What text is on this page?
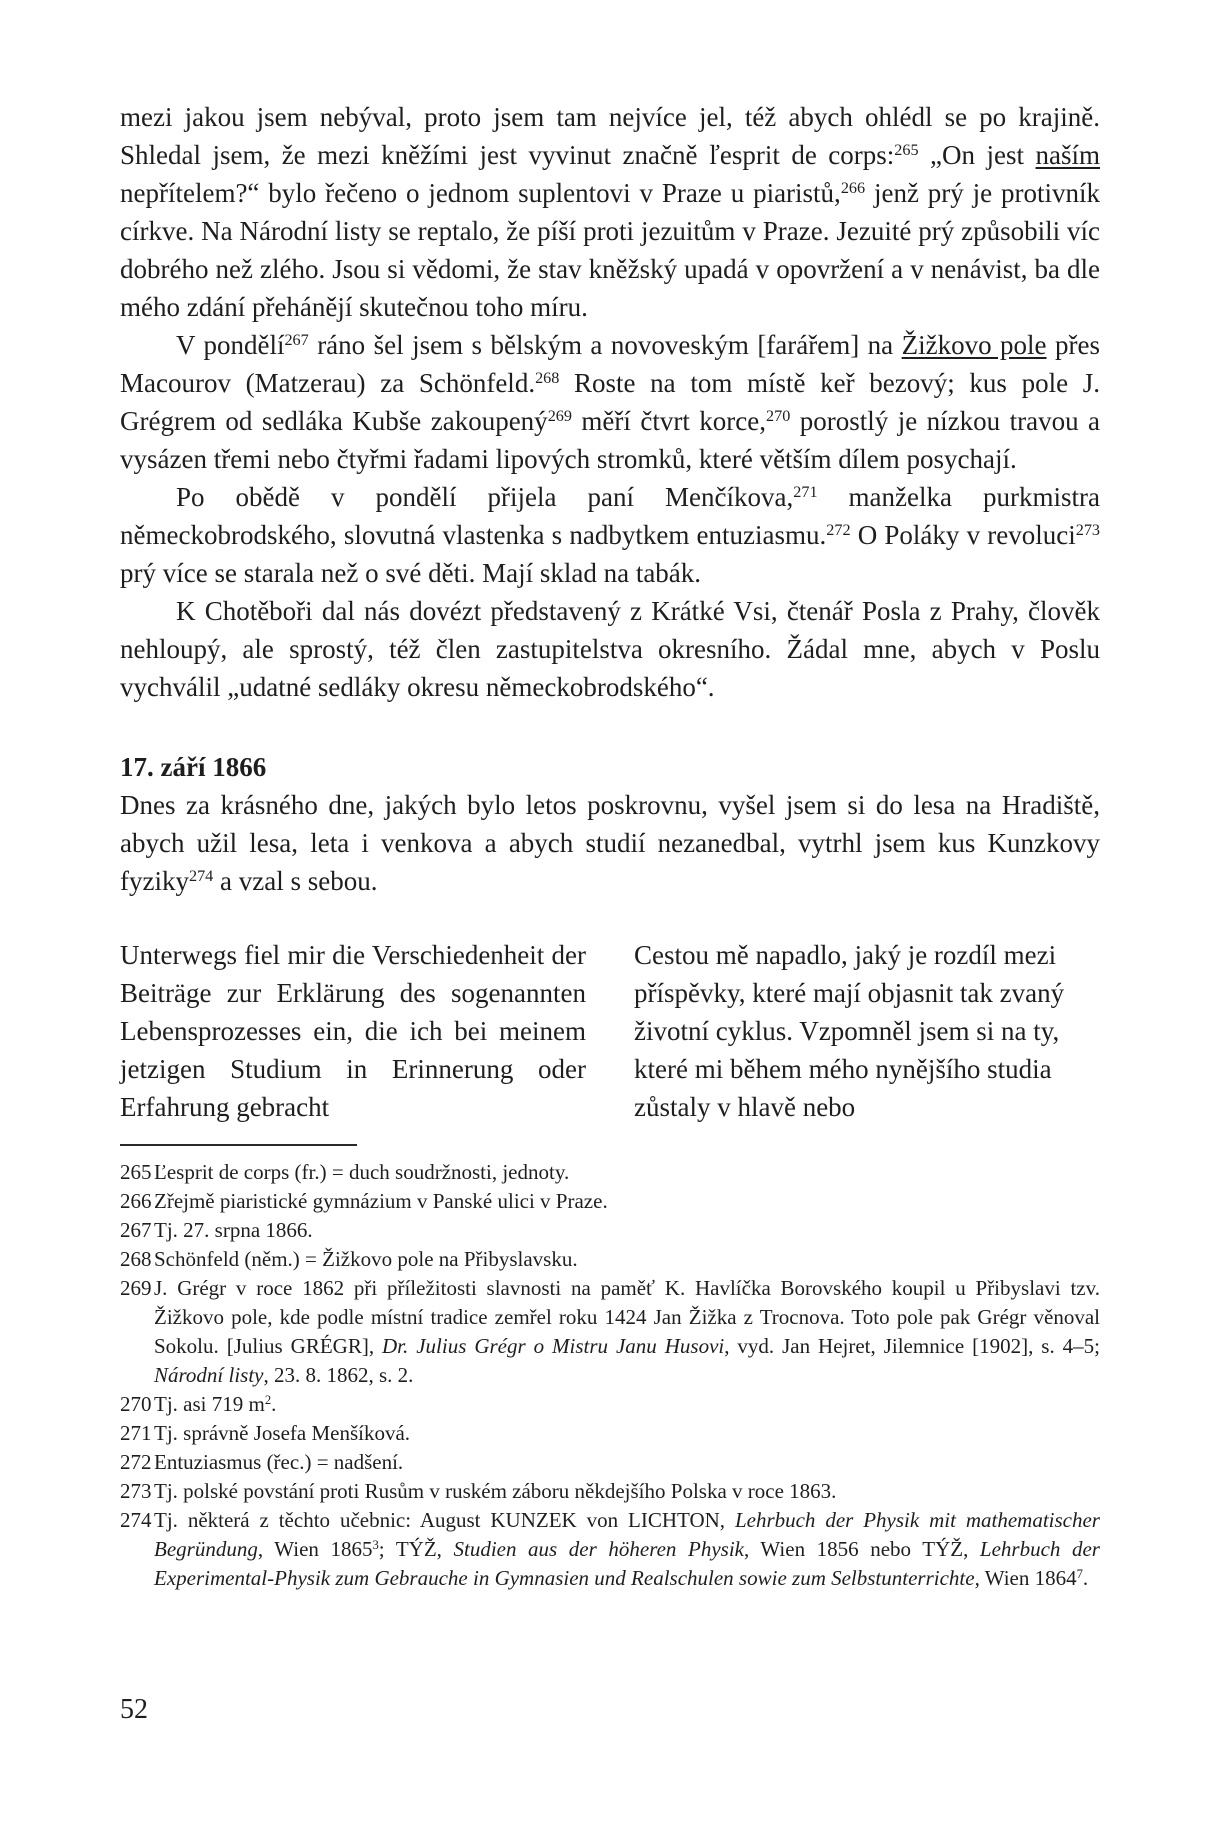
mezi jakou jsem nebýval, proto jsem tam nejvíce jel, též abych ohlédl se po krajině. Shledal jsem, že mezi kněžími jest vyvinut značně ľesprit de corps:$^{265}$ „On jest naším nepřítelem?“ bylo řečeno o jednom suplentovi v Praze u piaristů,$^{266}$ jenž prý je protivník církve. Na Národní listy se reptalo, že píší proti jezuitům v Praze. Jezuité prý způsobili víc dobrého než zlého. Jsou si vědomi, že stav kněžský upadá v opovržení a v nenávist, ba dle mého zdání přehánějí skutečnou toho míru.

V pondělí$^{267}$ ráno šel jsem s bělským a novoveským [farářem] na Žižkovo pole přes Macourov (Matzerau) za Schönfeld.$^{268}$ Roste na tom místě keř bezový; kus pole J. Grégrem od sedláka Kubše zakoupený$^{269}$ měří čtvrt korce,$^{270}$ porostlý je nízkou travou a vysázen třemi nebo čtyřmi řadami lipových stromků, které větším dílem posychají.

Po obědě v pondělí přijela paní Menčíkova,$^{271}$ manželka purkmistra německobrodského, slovutná vlastenka s nadbytkem entuziasmu.$^{272}$ O Poláky v revoluci$^{273}$ prý více se starala než o své děti. Mají sklad na tabák.

K Chotěboři dal nás dovézt představený z Krátké Vsi, čtenář Posla z Prahy, člověk nehloupý, ale sprostý, též člen zastupitelstva okresního. Žádal mne, abych v Poslu vychválil „udatné sedláky okresu německobrodského“.

17. září 1866

Dnes za krásného dne, jakých bylo letos poskrovnu, vyšel jsem si do lesa na Hradiště, abych užil lesa, leta i venkova a abych studií nezanedbal, vytrhl jsem kus Kunzkovy fyziky$^{274}$ a vzal s sebou.

Unterwegs fiel mir die Verschiedenheit der Beiträge zur Erklärung des sogenannten Lebensprozesses ein, die ich bei meinem jetzigen Studium in Erinnerung oder Erfahrung gebracht

Cestou mě napadlo, jaký je rozdíl mezi příspěvky, které mají objasnit tak zvaný životní cyklus. Vzpomněl jsem si na ty, které mi během mého nynějšího studia zůstaly v hlavě nebo

265 Ľesprit de corps (fr.) = duch soudržnosti, jednoty.
266 Zřejmě piaristické gymnázium v Panské ulici v Praze.
267 Tj. 27. srpna 1866.
268 Schönfeld (něm.) = Žižkovo pole na Přibyslavsku.
269 J. Grégr v roce 1862 při příležitosti slavnosti na paměť K. Havlíčka Borovského koupil u Přibyslavi tzv. Žižkovo pole, kde podle místní tradice zemřel roku 1424 Jan Žižka z Trocnova. Toto pole pak Grégr věnoval Sokolu. [Julius GRÉGR], Dr. Julius Grégr o Mistru Janu Husovi, vyd. Jan Hejret, Jilemnice [1902], s. 4–5; Národní listy, 23. 8. 1862, s. 2.
270 Tj. asi 719 $m^2$.
271 Tj. správně Josefa Menšíková.
272 Entuziasmus (řec.) = nadšení.
273 Tj. polské povstání proti Rusům v ruském záboru někdejšího Polska v roce 1863.
274 Tj. některá z těchto učebnic: August KUNZEK von LICHTON, Lehrbuch der Physik mit mathematischer Begründung, Wien 1865$^3$; TÝŽ, Studien aus der höheren Physik, Wien 1856 nebo TÝŽ, Lehrbuch der Experimental-Physik zum Gebrauche in Gymnasien und Realschulen sowie zum Selbstunterrichte, Wien 1864$^7$.
52
